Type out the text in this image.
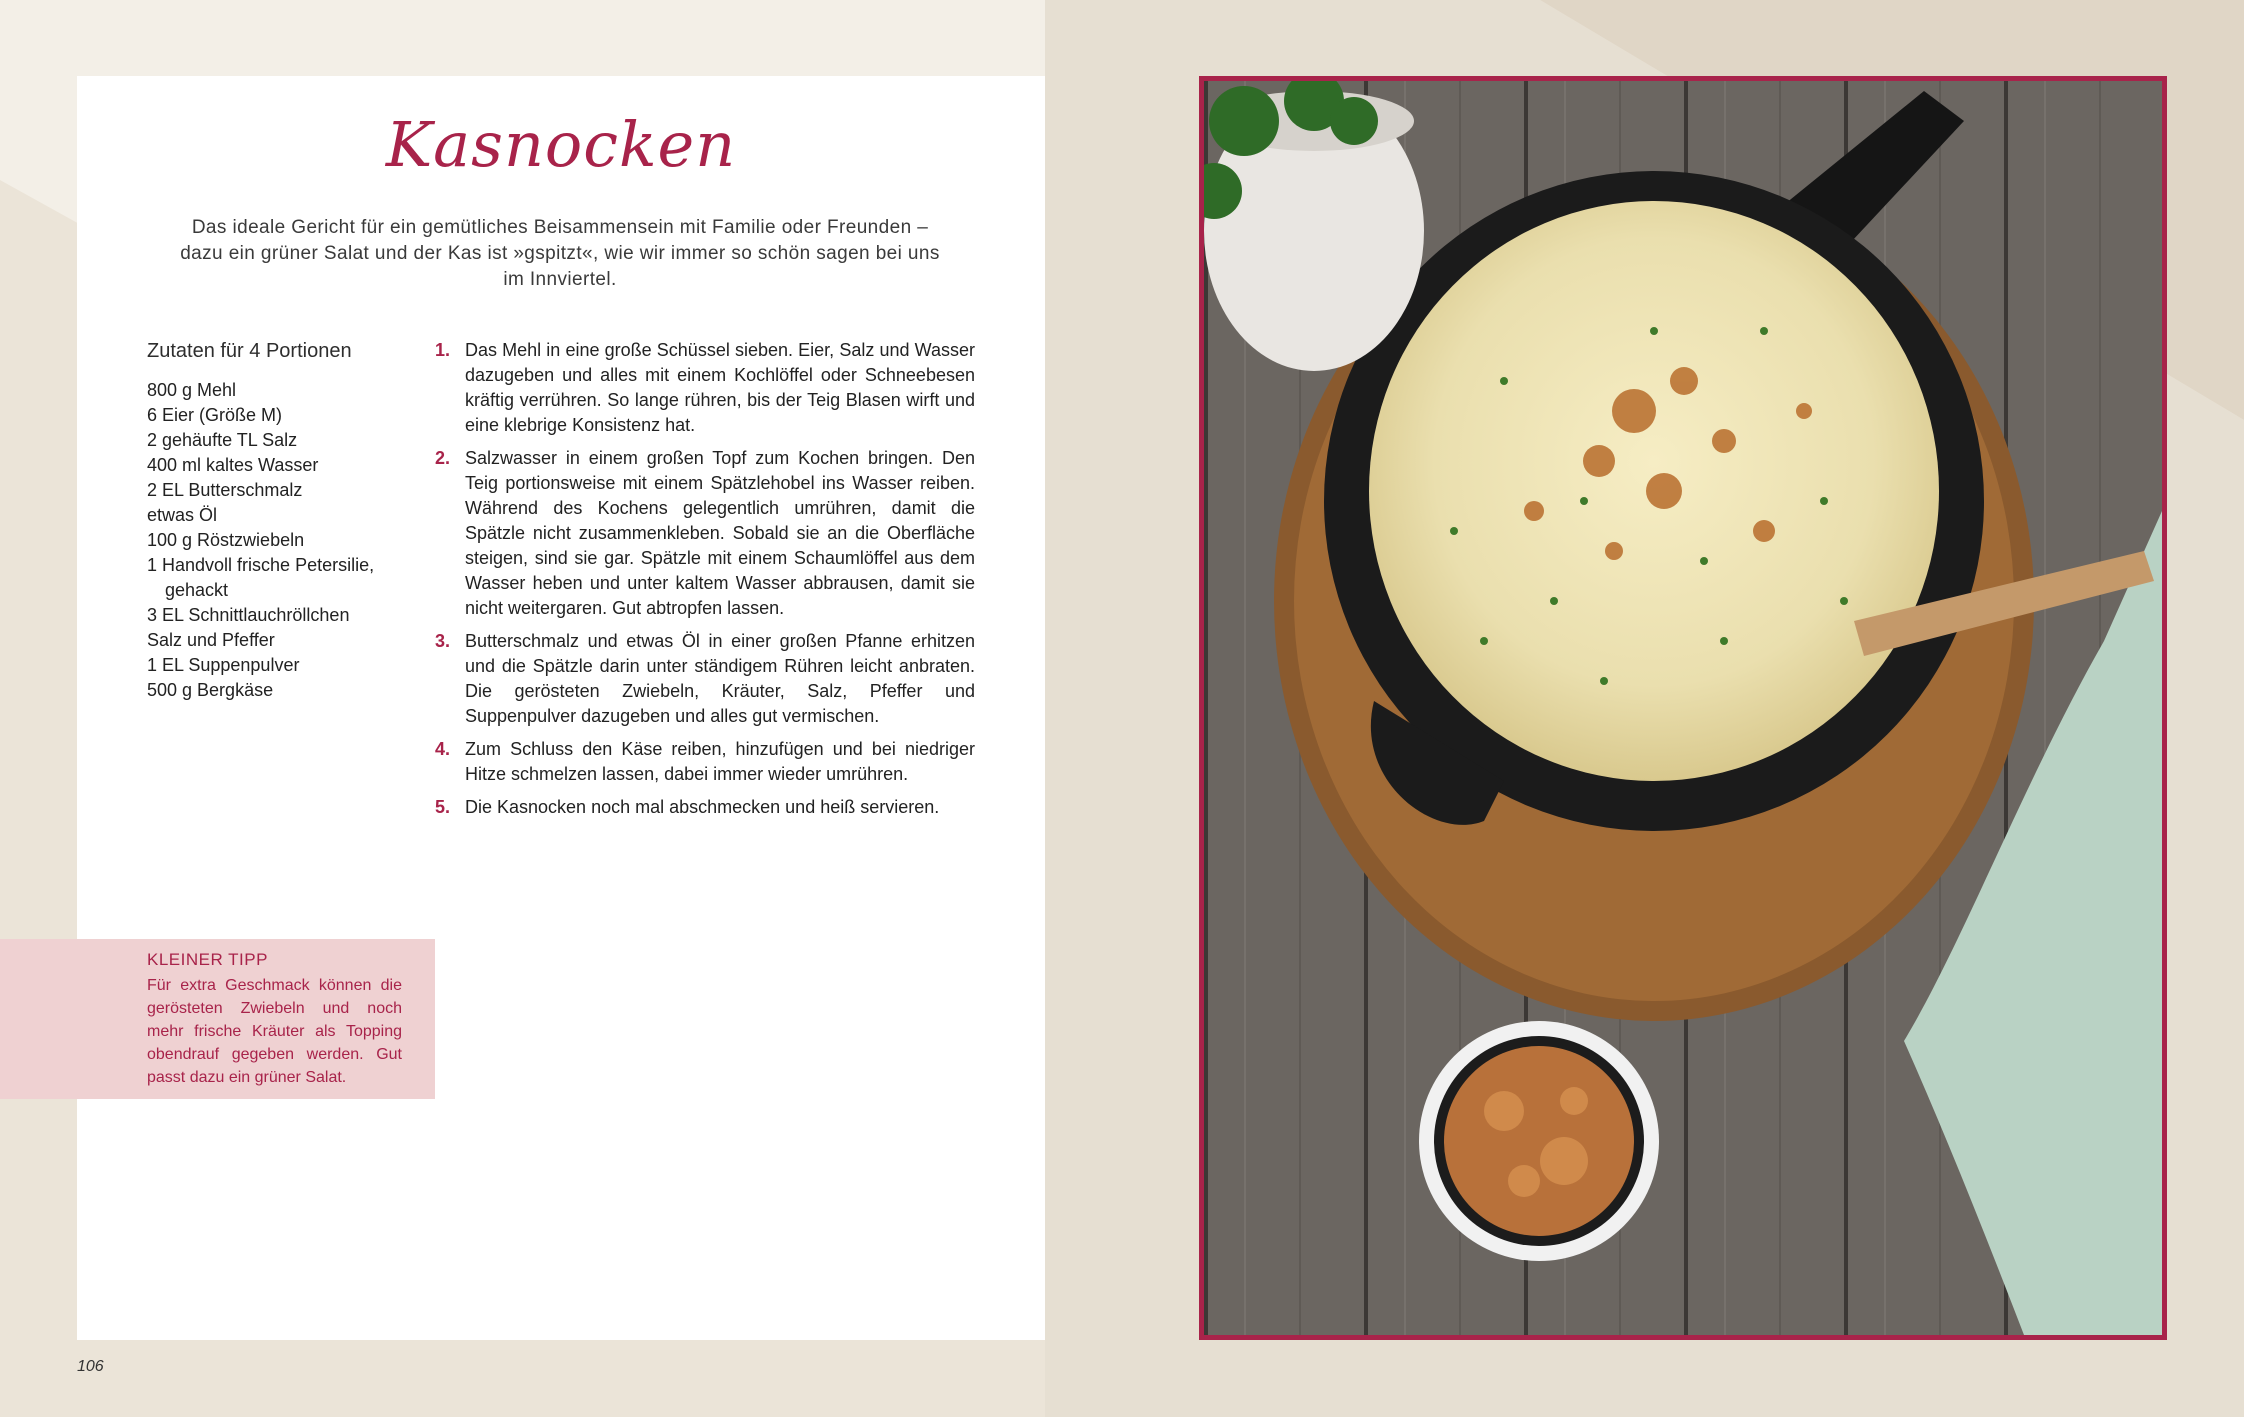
Kasnocken

Das ideale Gericht für ein gemütliches Beisammensein mit Familie oder Freunden – dazu ein grüner Salat und der Kas ist »gspitzt«, wie wir immer so schön sagen bei uns im Innviertel.

Zutaten für 4 Portionen

800 g Mehl
6 Eier (Größe M)
2 gehäufte TL Salz
400 ml kaltes Wasser
2 EL Butterschmalz
etwas Öl
100 g Röstzwiebeln
1 Handvoll frische Petersilie, gehackt
3 EL Schnittlauchröllchen
Salz und Pfeffer
1 EL Suppenpulver
500 g Bergkäse
1. Das Mehl in eine große Schüssel sieben. Eier, Salz und Wasser dazugeben und alles mit einem Kochlöffel oder Schneebesen kräftig verrühren. So lange rühren, bis der Teig Blasen wirft und eine klebrige Konsistenz hat.
2. Salzwasser in einem großen Topf zum Kochen bringen. Den Teig portionsweise mit einem Spätzlehobel ins Wasser reiben. Während des Kochens gelegentlich umrühren, damit die Spätzle nicht zusammenkleben. Sobald sie an die Oberfläche steigen, sind sie gar. Spätzle mit einem Schaumlöffel aus dem Wasser heben und unter kaltem Wasser abbrausen, damit sie nicht weitergaren. Gut abtropfen lassen.
3. Butterschmalz und etwas Öl in einer großen Pfanne erhitzen und die Spätzle darin unter ständigem Rühren leicht anbraten. Die gerösteten Zwiebeln, Kräuter, Salz, Pfeffer und Suppenpulver dazugeben und alles gut vermischen.
4. Zum Schluss den Käse reiben, hinzufügen und bei niedriger Hitze schmelzen lassen, dabei immer wieder umrühren.
5. Die Kasnocken noch mal abschmecken und heiß servieren.

KLEINER TIPP

Für extra Geschmack können die gerösteten Zwiebeln und noch mehr frische Kräuter als Topping obendrauf gegeben werden. Gut passt dazu ein grüner Salat.

106
